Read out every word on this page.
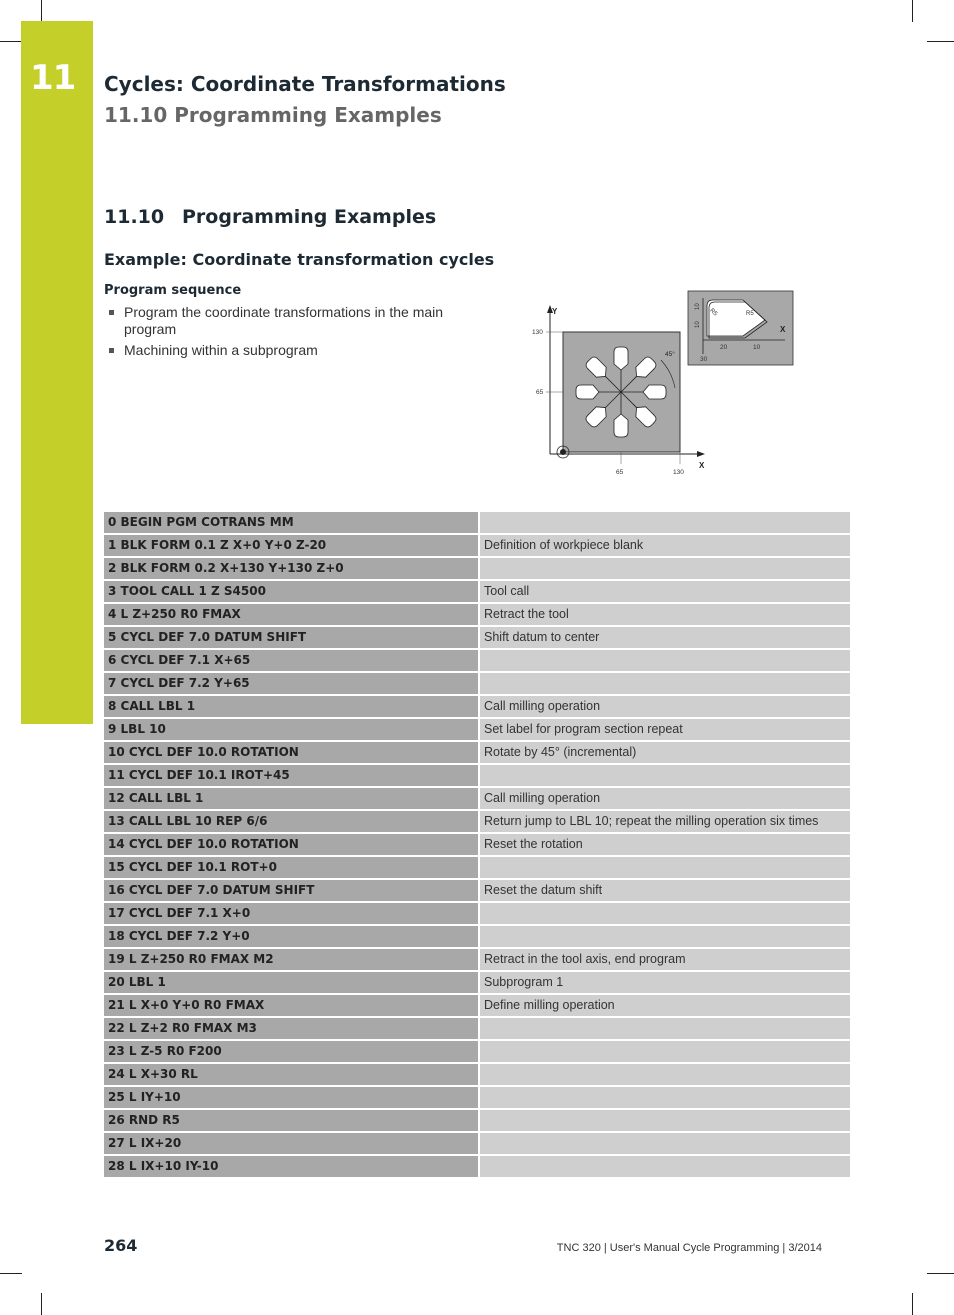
11	Cycles: Coordinate Transformations
11.10 Programming Examples
11.10 Programming Examples
Example: Coordinate transformation cycles
Program sequence
Program the coordinate transformations in the main program
Machining within a subprogram
Y
X
130
65
65	130
45°
R5	R5
10
10
20	10
30
X
0 BEGIN PGM COTRANS MM	
1 BLK FORM 0.1 Z X+0 Y+0 Z-20	Definition of workpiece blank
2 BLK FORM 0.2 X+130 Y+130 Z+0	
3 TOOL CALL 1 Z S4500	Tool call
4 L Z+250 R0 FMAX	Retract the tool
5 CYCL DEF 7.0 DATUM SHIFT	Shift datum to center
6 CYCL DEF 7.1 X+65	
7 CYCL DEF 7.2 Y+65	
8 CALL LBL 1	Call milling operation
9 LBL 10	Set label for program section repeat
10 CYCL DEF 10.0 ROTATION	Rotate by 45° (incremental)
11 CYCL DEF 10.1 IROT+45	
12 CALL LBL 1	Call milling operation
13 CALL LBL 10 REP 6/6	Return jump to LBL 10; repeat the milling operation six times
14 CYCL DEF 10.0 ROTATION	Reset the rotation
15 CYCL DEF 10.1 ROT+0	
16 CYCL DEF 7.0 DATUM SHIFT	Reset the datum shift
17 CYCL DEF 7.1 X+0	
18 CYCL DEF 7.2 Y+0	
19 L Z+250 R0 FMAX M2	Retract in the tool axis, end program
20 LBL 1	Subprogram 1
21 L X+0 Y+0 R0 FMAX	Define milling operation
22 L Z+2 R0 FMAX M3	
23 L Z-5 R0 F200	
24 L X+30 RL	
25 L IY+10	
26 RND R5	
27 L IX+20	
28 L IX+10 IY-10	
264	TNC 320 | User's Manual Cycle Programming | 3/2014
